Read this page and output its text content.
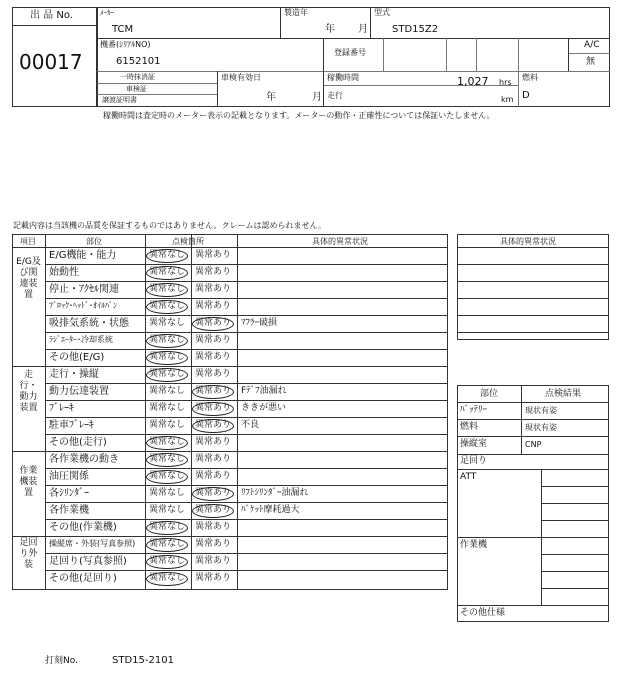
出 品 No.
00017
ﾒｰｶｰ
TCM
製造年
年 月
型式
STD15Z2
機番(ｼﾘｱﾙNO)
6152101
登録番号
A/C
無
一時抹消証
車検証
譲渡証明書
車検有効日
年	月
稼働時間	1,027 hrs
走行	km
燃料
D
稼働時間は査定時のメーター表示の記載となります。メーターの動作・正確性については保証いたしません。
記載内容は当該機の品質を保証するものではありません。クレームは認められません。
項目	部位	点検箇所	具体的異常状況
E/G及び関連装置
E/G機能・能力	異常なし 異常あり
始動性	異常なし 異常あり
停止・ｱｸｾﾙ関連	異常なし 異常あり
ﾌﾞﾛｯｸ･ﾍｯﾄﾞ･ｵｲﾙﾊﾟﾝ	異常なし 異常あり
吸排気系統・状態 異常なし 異常あり ﾏﾌﾗｰ破損
ﾗｼﾞｴｰﾀｰ･冷却系統	異常なし 異常あり
その他(E/G)	異常なし 異常あり
走行・動力装置
走行・操縦	異常なし 異常あり
動力伝達装置	異常なし 異常あり Fﾃﾞﾌ油漏れ
ﾌﾞﾚｰｷ	異常なし 異常あり ききが悪い
駐車ﾌﾞﾚｰｷ	異常なし 異常あり 不良
その他(走行)	異常なし 異常あり
作業機装置
各作業機の動き	異常なし 異常あり
油圧関係	異常なし 異常あり
各ｼﾘﾝﾀﾞｰ	異常なし 異常あり ﾘﾌﾄｼﾘﾝﾀﾞｰ油漏れ
各作業機	異常なし 異常あり ﾊﾞｹｯﾄ摩耗過大
その他(作業機)	異常なし 異常あり
足回り外装
操縦席・外装(写真参照) 異常なし 異常あり
足回り(写真参照) 異常なし 異常あり
その他(足回り)	異常なし 異常あり
具体的異常状況
部位	点検結果
ﾊﾞｯﾃﾘｰ	現状有姿
燃料	現状有姿
操縦室	CNP
足回り
ATT
作業機
その他仕様
打刻No.	STD15-2101
